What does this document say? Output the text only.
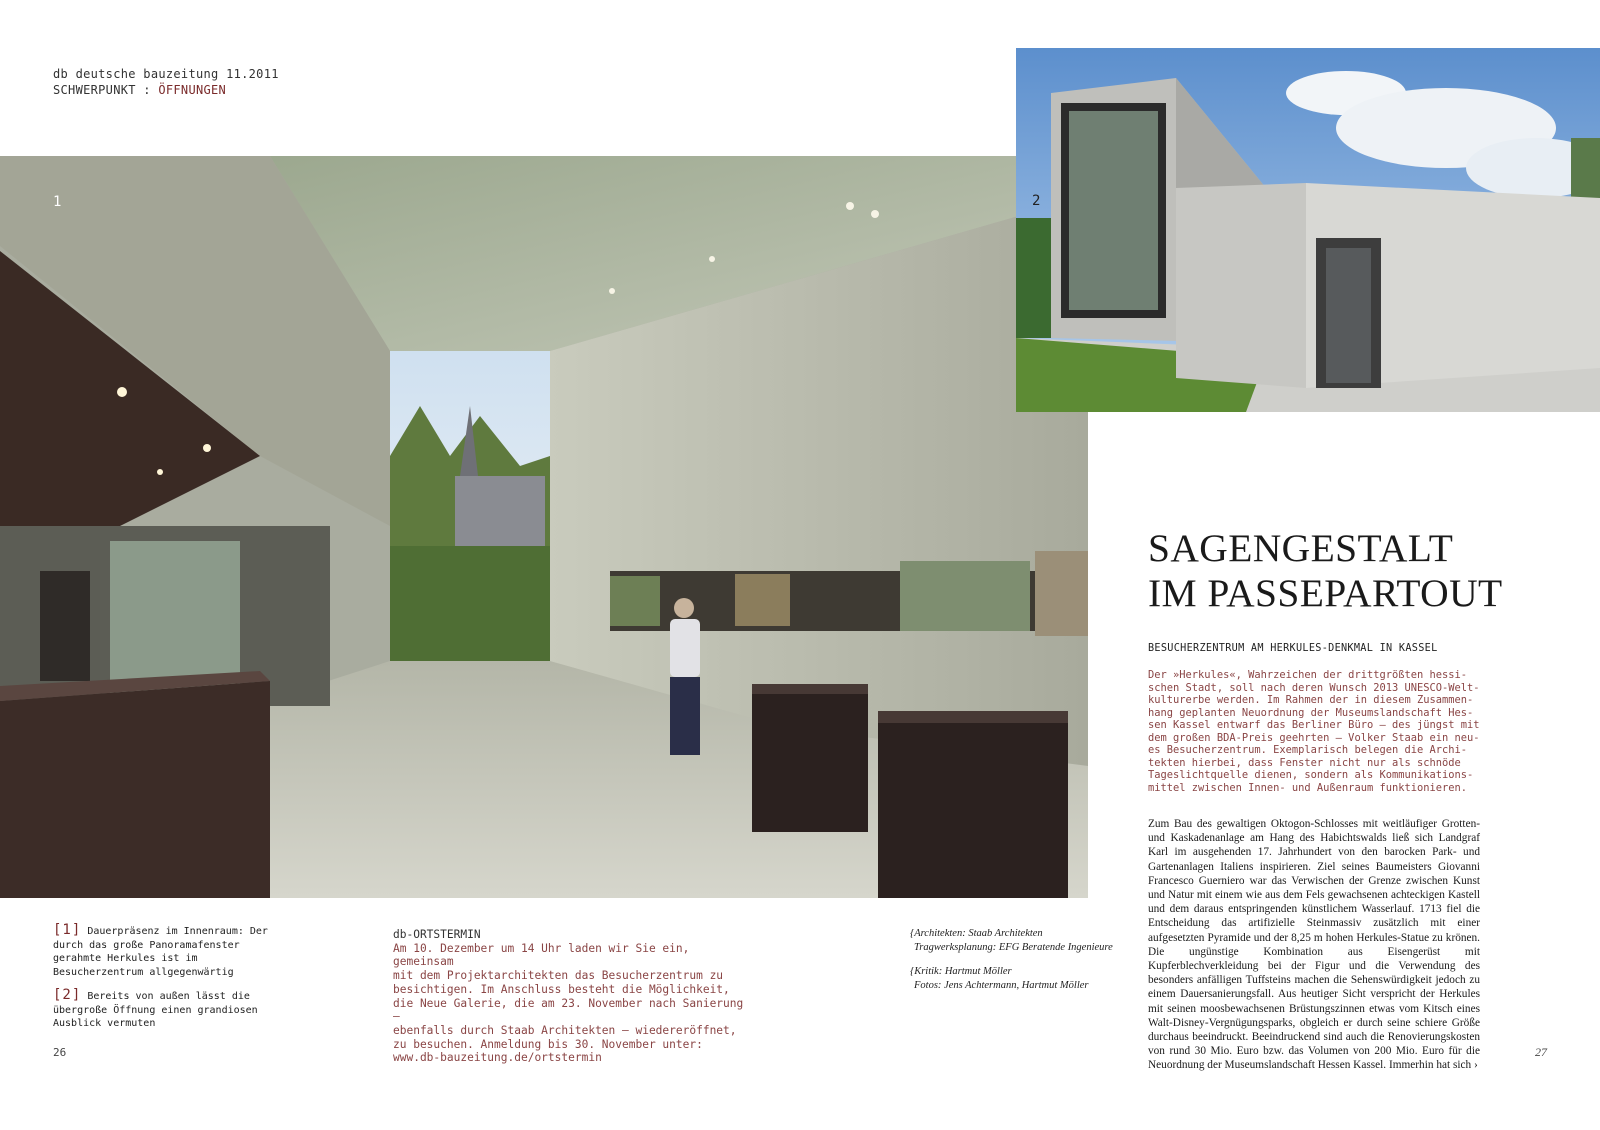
db deutsche bauzeitung 11.2011
SCHWERPUNKT : ÖFFNUNGEN
1	2
[1] Dauerpräsenz im Innenraum: Der durch das große Panoramafenster gerahmte Herkules ist im Besucherzentrum allgegenwärtig
[2] Bereits von außen lässt die übergroße Öffnung einen grandiosen Ausblick vermuten
26
db-ORTSTERMIN
Am 10. Dezember um 14 Uhr laden wir Sie ein, gemeinsam
mit dem Projektarchitekten das Besucherzentrum zu
besichtigen. Im Anschluss besteht die Möglichkeit,
die Neue Galerie, die am 23. November nach Sanierung –
ebenfalls durch Staab Architekten – wiedereröffnet,
zu besuchen. Anmeldung bis 30. November unter:
www.db-bauzeitung.de/ortstermin
{Architekten: Staab Architekten
Tragwerksplanung: EFG Beratende Ingenieure
{Kritik: Hartmut Möller
Fotos: Jens Achtermann, Hartmut Möller
SAGENGESTALT
IM PASSEPARTOUT
BESUCHERZENTRUM AM HERKULES-DENKMAL IN KASSEL
Der »Herkules«, Wahrzeichen der drittgrößten hessi-
schen Stadt, soll nach deren Wunsch 2013 UNESCO-Welt-
kulturerbe werden. Im Rahmen der in diesem Zusammen-
hang geplanten Neuordnung der Museumslandschaft Hes-
sen Kassel entwarf das Berliner Büro – des jüngst mit
dem großen BDA-Preis geehrten – Volker Staab ein neu-
es Besucherzentrum. Exemplarisch belegen die Archi-
tekten hierbei, dass Fenster nicht nur als schnöde
Tageslichtquelle dienen, sondern als Kommunikations-
mittel zwischen Innen- und Außenraum funktionieren.
Zum Bau des gewaltigen Oktogon-Schlosses mit weitläufiger Grotten- und Kaskadenanlage am Hang des Habichtswalds ließ sich Landgraf Karl im ausgehenden 17. Jahrhundert von den barocken Park- und Gartenanlagen Italiens inspirieren. Ziel seines Baumeisters Giovanni Francesco Guerniero war das Verwischen der Grenze zwischen Kunst und Natur mit einem wie aus dem Fels gewachsenen achteckigen Kastell und dem daraus entspringenden künstlichem Wasserlauf. 1713 fiel die Entscheidung das artifizielle Steinmassiv zusätzlich mit einer aufgesetzten Pyramide und der 8,25 m hohen Herkules-Statue zu krönen. Die ungünstige Kombination aus Eisengerüst mit Kupferblechverkleidung bei der Figur und die Verwendung des besonders anfälligen Tuffsteins machen die Sehenswürdigkeit jedoch zu einem Dauersanierungsfall. Aus heutiger Sicht verspricht der Herkules mit seinen moosbewachsenen Brüstungszinnen etwas vom Kitsch eines Walt-Disney-Vergnügungsparks, obgleich er durch seine schiere Größe durchaus beeindruckt. Beeindruckend sind auch die Renovierungskosten von rund 30 Mio. Euro bzw. das Volumen von 200 Mio. Euro für die Neuordnung der Museumslandschaft Hessen Kassel. Immerhin hat sich ›
27
